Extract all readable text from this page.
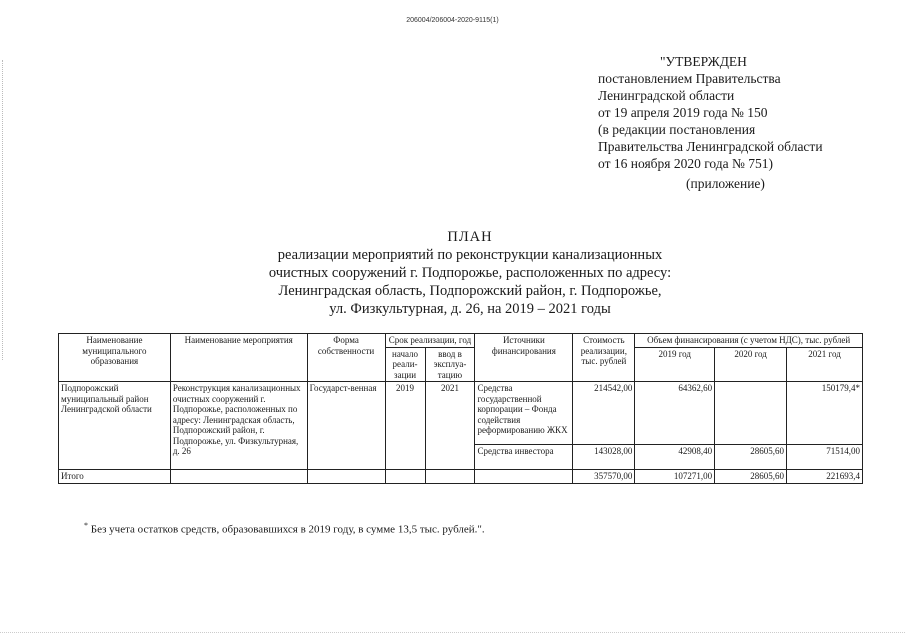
206004/206004-2020-9115(1)
"УТВЕРЖДЕН
постановлением Правительства
Ленинградской области
от 19 апреля 2019 года № 150
(в редакции постановления
Правительства Ленинградской области
от 16 ноября 2020 года № 751)
(приложение)
ПЛАН
реализации мероприятий по реконструкции канализационных
очистных сооружений г. Подпорожье, расположенных по адресу:
Ленинградская область, Подпорожский район, г. Подпорожье,
ул. Физкультурная, д. 26, на 2019 – 2021 годы
Наименование муниципального образования	Наименование мероприятия	Форма собственности	Срок реализации, год		Источники финансирования	Стоимость реализации, тыс. рублей	Объем финансирования (с учетом НДС), тыс. рублей		
			начало реали-зации	ввод в эксплуа-тацию			2019 год	2020 год	2021 год
Подпорожский муниципальный район Ленинградской области	Реконструкция канализационных очистных сооружений г. Подпорожье, расположенных по адресу: Ленинградская область, Подпорожский район, г. Подпорожье, ул. Физкультурная, д. 26	Государст-венная	2019	2021	Средства государственной корпорации – Фонда содействия реформированию ЖКХ	214542,00	64362,60		150179,4*
					Средства инвестора	143028,00	42908,40	28605,60	71514,00
Итого						357570,00	107271,00	28605,60	221693,4
* Без учета остатков средств, образовавшихся в 2019 году, в сумме 13,5 тыс. рублей.".
